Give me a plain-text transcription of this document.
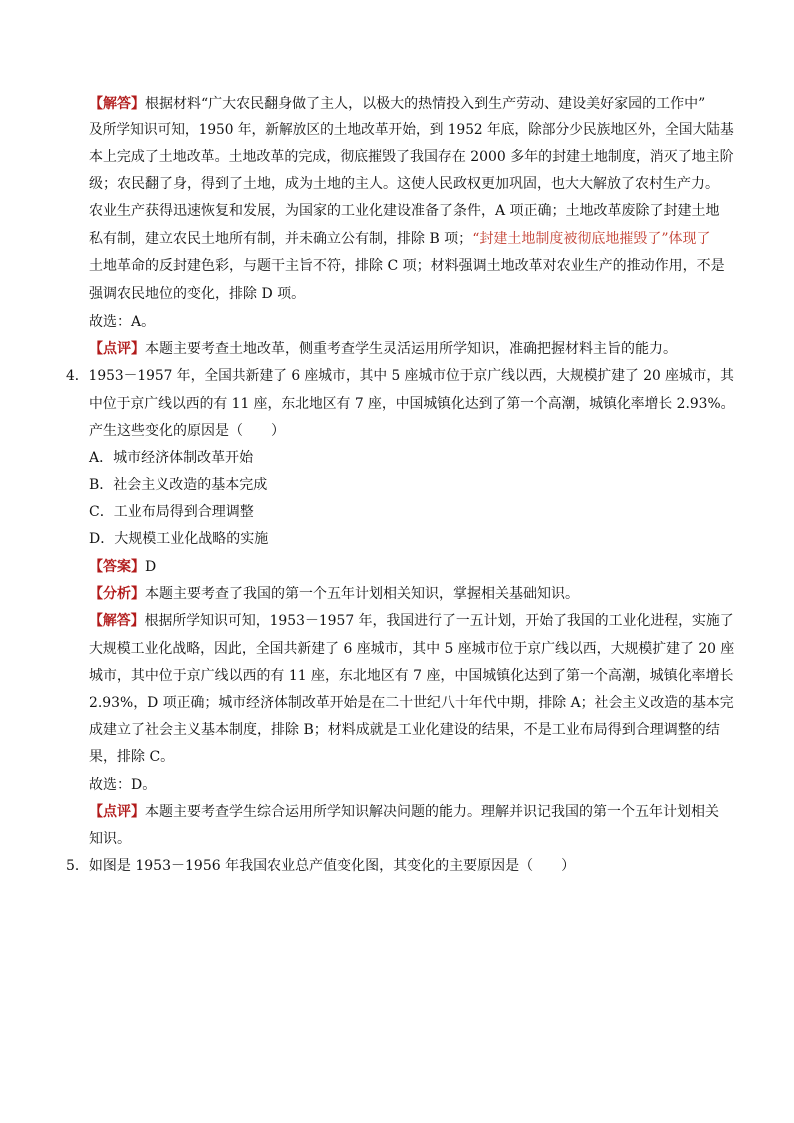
【解答】根据材料“广大农民翻身做了主人，以极大的热情投入到生产劳动、建设美好家园的工作中”
及所学知识可知，1950 年，新解放区的土地改革开始，到 1952 年底，除部分少民族地区外，全国大陆基
本上完成了土地改革。土地改革的完成，彻底摧毁了我国存在 2000 多年的封建土地制度，消灭了地主阶
级；农民翻了身，得到了土地，成为土地的主人。这使人民政权更加巩固，也大大解放了农村生产力。
农业生产获得迅速恢复和发展，为国家的工业化建设准备了条件，A 项正确；土地改革废除了封建土地
私有制，建立农民土地所有制，并未确立公有制，排除 B 项；“封建土地制度被彻底地摧毁了”体现了
土地革命的反封建色彩，与题干主旨不符，排除 C 项；材料强调土地改革对农业生产的推动作用，不是
强调农民地位的变化，排除 D 项。
故选：A。
【点评】本题主要考查土地改革，侧重考查学生灵活运用所学知识，准确把握材料主旨的能力。
4．1953－1957 年，全国共新建了 6 座城市，其中 5 座城市位于京广线以西，大规模扩建了 20 座城市，其
中位于京广线以西的有 11 座，东北地区有 7 座，中国城镇化达到了第一个高潮，城镇化率增长 2.93%。
产生这些变化的原因是（　　）
A．城市经济体制改革开始
B．社会主义改造的基本完成
C．工业布局得到合理调整
D．大规模工业化战略的实施
【答案】D
【分析】本题主要考查了我国的第一个五年计划相关知识，掌握相关基础知识。
【解答】根据所学知识可知，1953－1957 年，我国进行了一五计划，开始了我国的工业化进程，实施了
大规模工业化战略，因此，全国共新建了 6 座城市，其中 5 座城市位于京广线以西，大规模扩建了 20 座
城市，其中位于京广线以西的有 11 座，东北地区有 7 座，中国城镇化达到了第一个高潮，城镇化率增长
2.93%，D 项正确；城市经济体制改革开始是在二十世纪八十年代中期，排除 A；社会主义改造的基本完
成建立了社会主义基本制度，排除 B；材料成就是工业化建设的结果，不是工业布局得到合理调整的结
果，排除 C。
故选：D。
【点评】本题主要考查学生综合运用所学知识解决问题的能力。理解并识记我国的第一个五年计划相关
知识。
5．如图是 1953－1956 年我国农业总产值变化图，其变化的主要原因是（　　）
